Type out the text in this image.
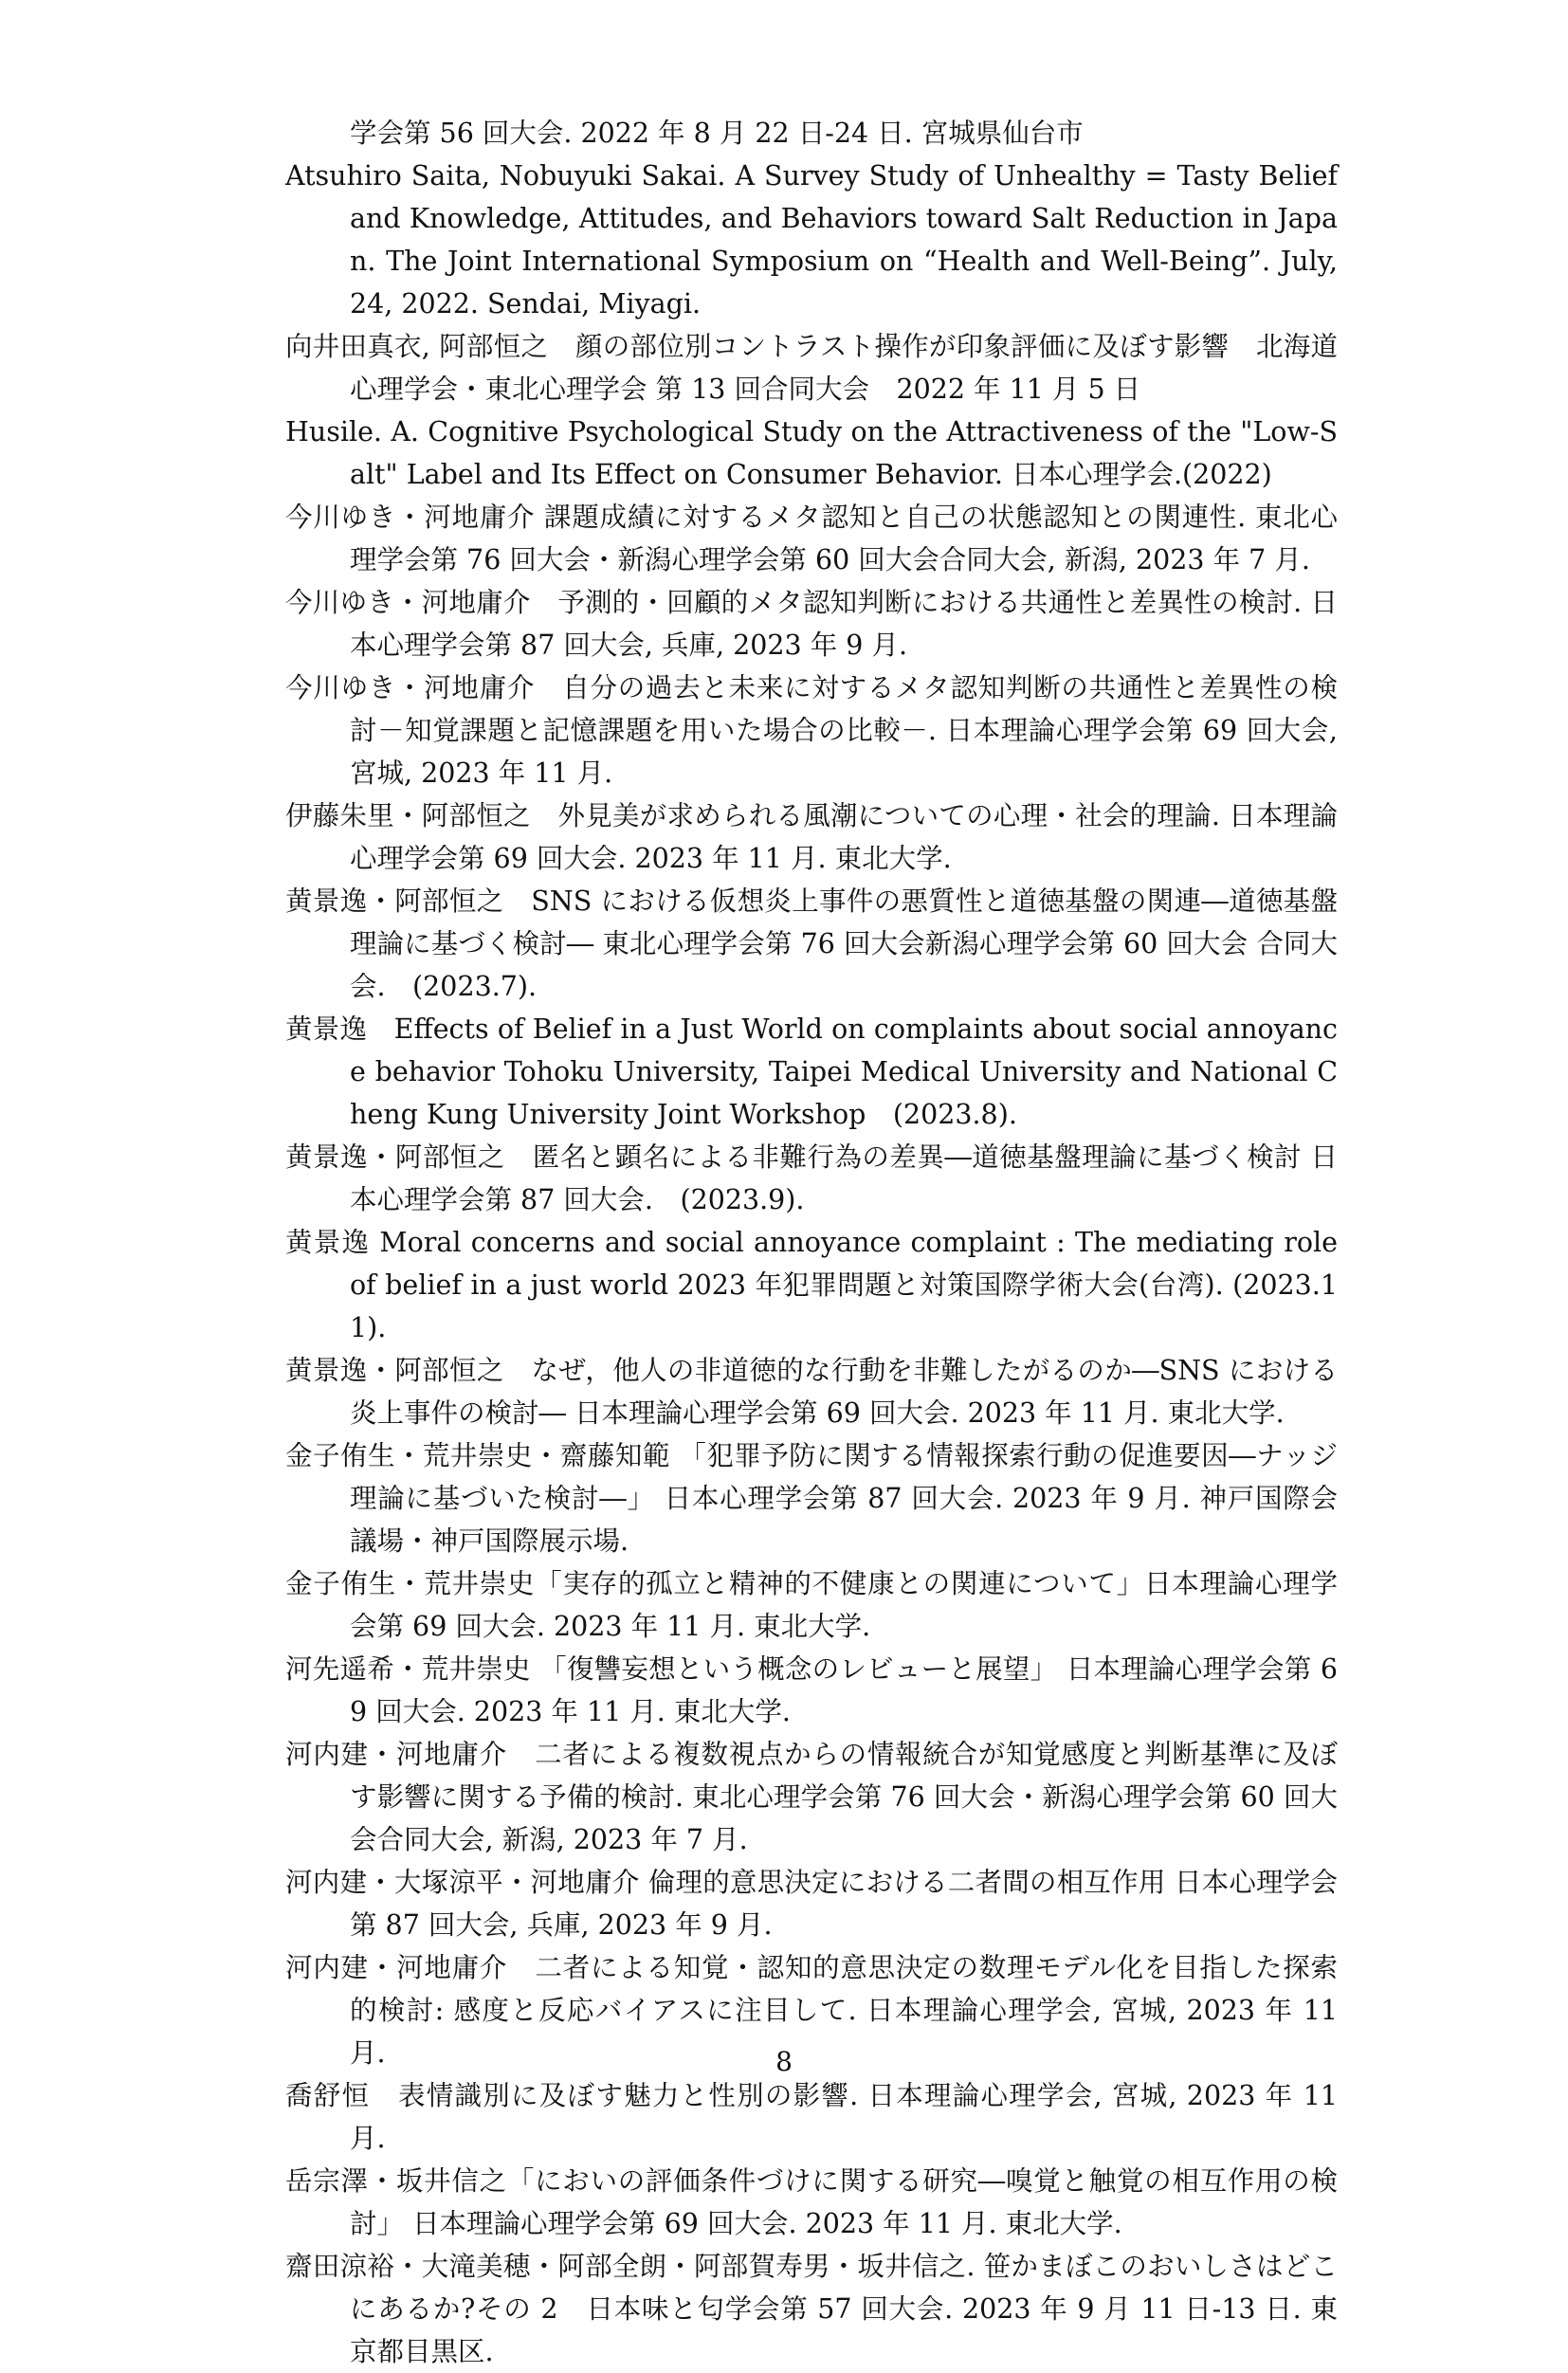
学会第 56 回大会. 2022 年 8 月 22 日-24 日. 宮城県仙台市

Atsuhiro Saita, Nobuyuki Sakai. A Survey Study of Unhealthy = Tasty Belief and Knowledge, Attitudes, and Behaviors toward Salt Reduction in Japan. The Joint International Symposium on “Health and Well-Being”. July, 24, 2022. Sendai, Miyagi.

向井田真衣, 阿部恒之　顔の部位別コントラスト操作が印象評価に及ぼす影響　北海道心理学会・東北心理学会 第 13 回合同大会　2022 年 11 月 5 日

Husile. A. Cognitive Psychological Study on the Attractiveness of the "Low-Salt" Label and Its Effect on Consumer Behavior. 日本心理学会.(2022)

今川ゆき・河地庸介 課題成績に対するメタ認知と自己の状態認知との関連性. 東北心理学会第 76 回大会・新潟心理学会第 60 回大会合同大会, 新潟, 2023 年 7 月.

今川ゆき・河地庸介　予測的・回顧的メタ認知判断における共通性と差異性の検討. 日本心理学会第 87 回大会, 兵庫, 2023 年 9 月.

今川ゆき・河地庸介　自分の過去と未来に対するメタ認知判断の共通性と差異性の検討－知覚課題と記憶課題を用いた場合の比較－. 日本理論心理学会第 69 回大会, 宮城, 2023 年 11 月.

伊藤朱里・阿部恒之　外見美が求められる風潮についての心理・社会的理論. 日本理論心理学会第 69 回大会. 2023 年 11 月. 東北大学.

黄景逸・阿部恒之　SNS における仮想炎上事件の悪質性と道徳基盤の関連―道徳基盤理論に基づく検討― 東北心理学会第 76 回大会新潟心理学会第 60 回大会 合同大会.　(2023.7).

黄景逸　Effects of Belief in a Just World on complaints about social annoyance behavior Tohoku University, Taipei Medical University and National Cheng Kung University Joint Workshop　(2023.8).

黄景逸・阿部恒之　匿名と顕名による非難行為の差異―道徳基盤理論に基づく検討 日本心理学会第 87 回大会.　(2023.9).

黄景逸 Moral concerns and social annoyance complaint : The mediating role of belief in a just world 2023 年犯罪問題と対策国際学術大会(台湾). (2023.11).

黄景逸・阿部恒之　なぜ，他人の非道徳的な行動を非難したがるのか―SNS における炎上事件の検討― 日本理論心理学会第 69 回大会. 2023 年 11 月. 東北大学.

金子侑生・荒井崇史・齋藤知範 「犯罪予防に関する情報探索行動の促進要因―ナッジ理論に基づいた検討―」 日本心理学会第 87 回大会. 2023 年 9 月. 神戸国際会議場・神戸国際展示場.

金子侑生・荒井崇史「実存的孤立と精神的不健康との関連について」日本理論心理学会第 69 回大会. 2023 年 11 月. 東北大学.

河先遥希・荒井崇史 「復讐妄想という概念のレビューと展望」 日本理論心理学会第 69 回大会. 2023 年 11 月. 東北大学.

河内建・河地庸介　二者による複数視点からの情報統合が知覚感度と判断基準に及ぼす影響に関する予備的検討. 東北心理学会第 76 回大会・新潟心理学会第 60 回大会合同大会, 新潟, 2023 年 7 月.

河内建・大塚涼平・河地庸介 倫理的意思決定における二者間の相互作用 日本心理学会第 87 回大会, 兵庫, 2023 年 9 月.

河内建・河地庸介　二者による知覚・認知的意思決定の数理モデル化を目指した探索的検討: 感度と反応バイアスに注目して. 日本理論心理学会, 宮城, 2023 年 11 月.

喬舒恒　表情識別に及ぼす魅力と性別の影響. 日本理論心理学会, 宮城, 2023 年 11 月.

岳宗澤・坂井信之「においの評価条件づけに関する研究―嗅覚と触覚の相互作用の検討」 日本理論心理学会第 69 回大会. 2023 年 11 月. 東北大学.

齋田涼裕・大滝美穂・阿部全朗・阿部賀寿男・坂井信之. 笹かまぼこのおいしさはどこにあるか?その 2　日本味と匂学会第 57 回大会. 2023 年 9 月 11 日-13 日. 東京都目黒区.

8
